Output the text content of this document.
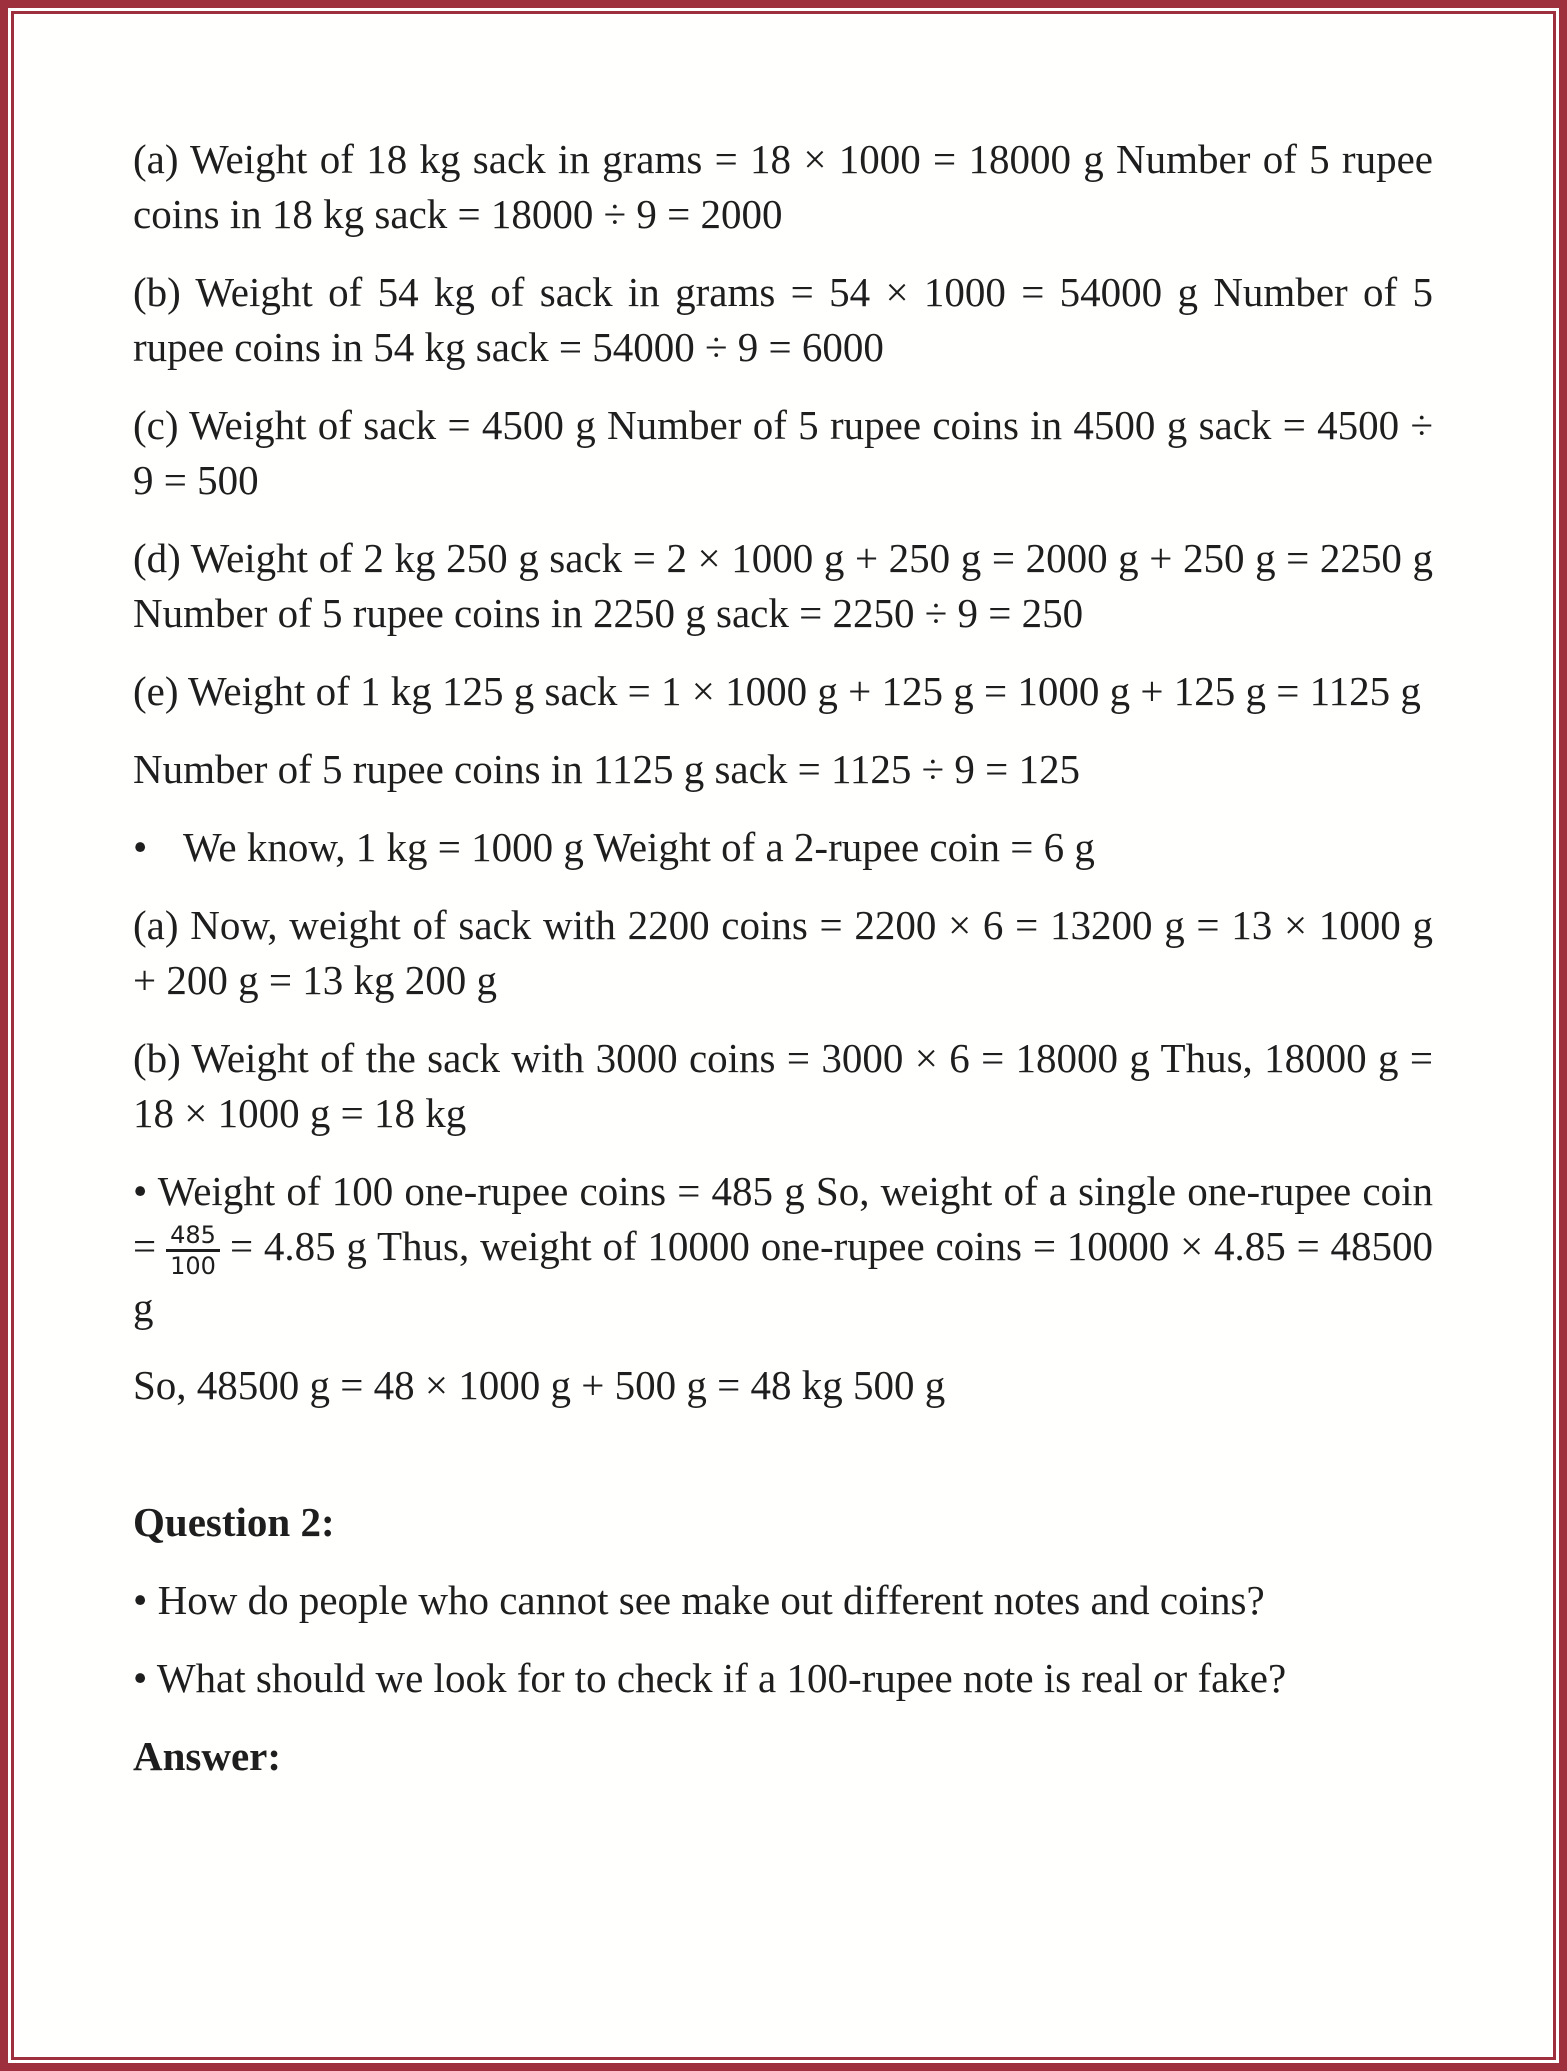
(a) Weight of 18 kg sack in grams = 18 × 1000 = 18000 g Number of 5 rupee coins in 18 kg sack = 18000 ÷ 9 = 2000

(b) Weight of 54 kg of sack in grams = 54 × 1000 = 54000 g Number of 5 rupee coins in 54 kg sack = 54000 ÷ 9 = 6000

(c) Weight of sack = 4500 g Number of 5 rupee coins in 4500 g sack = 4500 ÷ 9 = 500

(d) Weight of 2 kg 250 g sack = 2 × 1000 g + 250 g = 2000 g + 250 g = 2250 g Number of 5 rupee coins in 2250 g sack = 2250 ÷ 9 = 250

(e) Weight of 1 kg 125 g sack = 1 × 1000 g + 125 g = 1000 g + 125 g = 1125 g

Number of 5 rupee coins in 1125 g sack = 1125 ÷ 9 = 125

• We know, 1 kg = 1000 g Weight of a 2-rupee coin = 6 g

(a) Now, weight of sack with 2200 coins = 2200 × 6 = 13200 g = 13 × 1000 g + 200 g = 13 kg 200 g

(b) Weight of the sack with 3000 coins = 3000 × 6 = 18000 g Thus, 18000 g = 18 × 1000 g = 18 kg

• Weight of 100 one-rupee coins = 485 g So, weight of a single one-rupee coin = $\frac{485}{100} = 4.85$ g Thus, weight of 10000 one-rupee coins = 10000 × 4.85 = 48500 g

So, 48500 g = 48 × 1000 g + 500 g = 48 kg 500 g

Question 2:

• How do people who cannot see make out different notes and coins?

• What should we look for to check if a 100-rupee note is real or fake?

Answer:
